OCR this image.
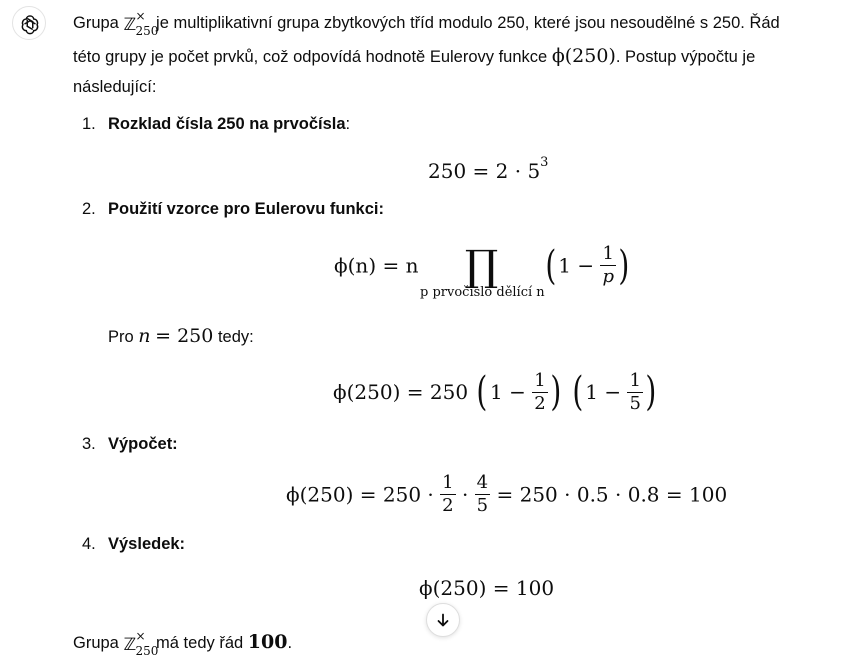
Grupa ℤ ×
250
je multiplikativní grupa zbytkových tříd modulo 250, které jsou nesoudělné s 250. Řád
této grupy je počet prvků, což odpovídá hodnotě Eulerovy funkce ϕ(250). Postup výpočtu je
následující:
1. Rozklad čísla 250 na prvočísla:
$250 = 2 \cdot 5^3$
2. Použití vzorce pro Eulerovu funkci:
ϕ(n) = n ∏ ( $1 - \frac{1}{p}$ )
p prvočíslo dělící n
Pro n = 250 tedy:
ϕ(250) = 250 ( $1 - \frac{1}{2}$ ) ( $1 - \frac{1}{5}$ )
3. Výpočet:
$\phi(250) = 250 \cdot \frac{1}{2} \cdot \frac{4}{5} = 250 \cdot 0.5 \cdot 0.8 = 100$
4. Výsledek:
ϕ(250) = 100
Grupa ℤ ×
250
má tedy řád 100.
